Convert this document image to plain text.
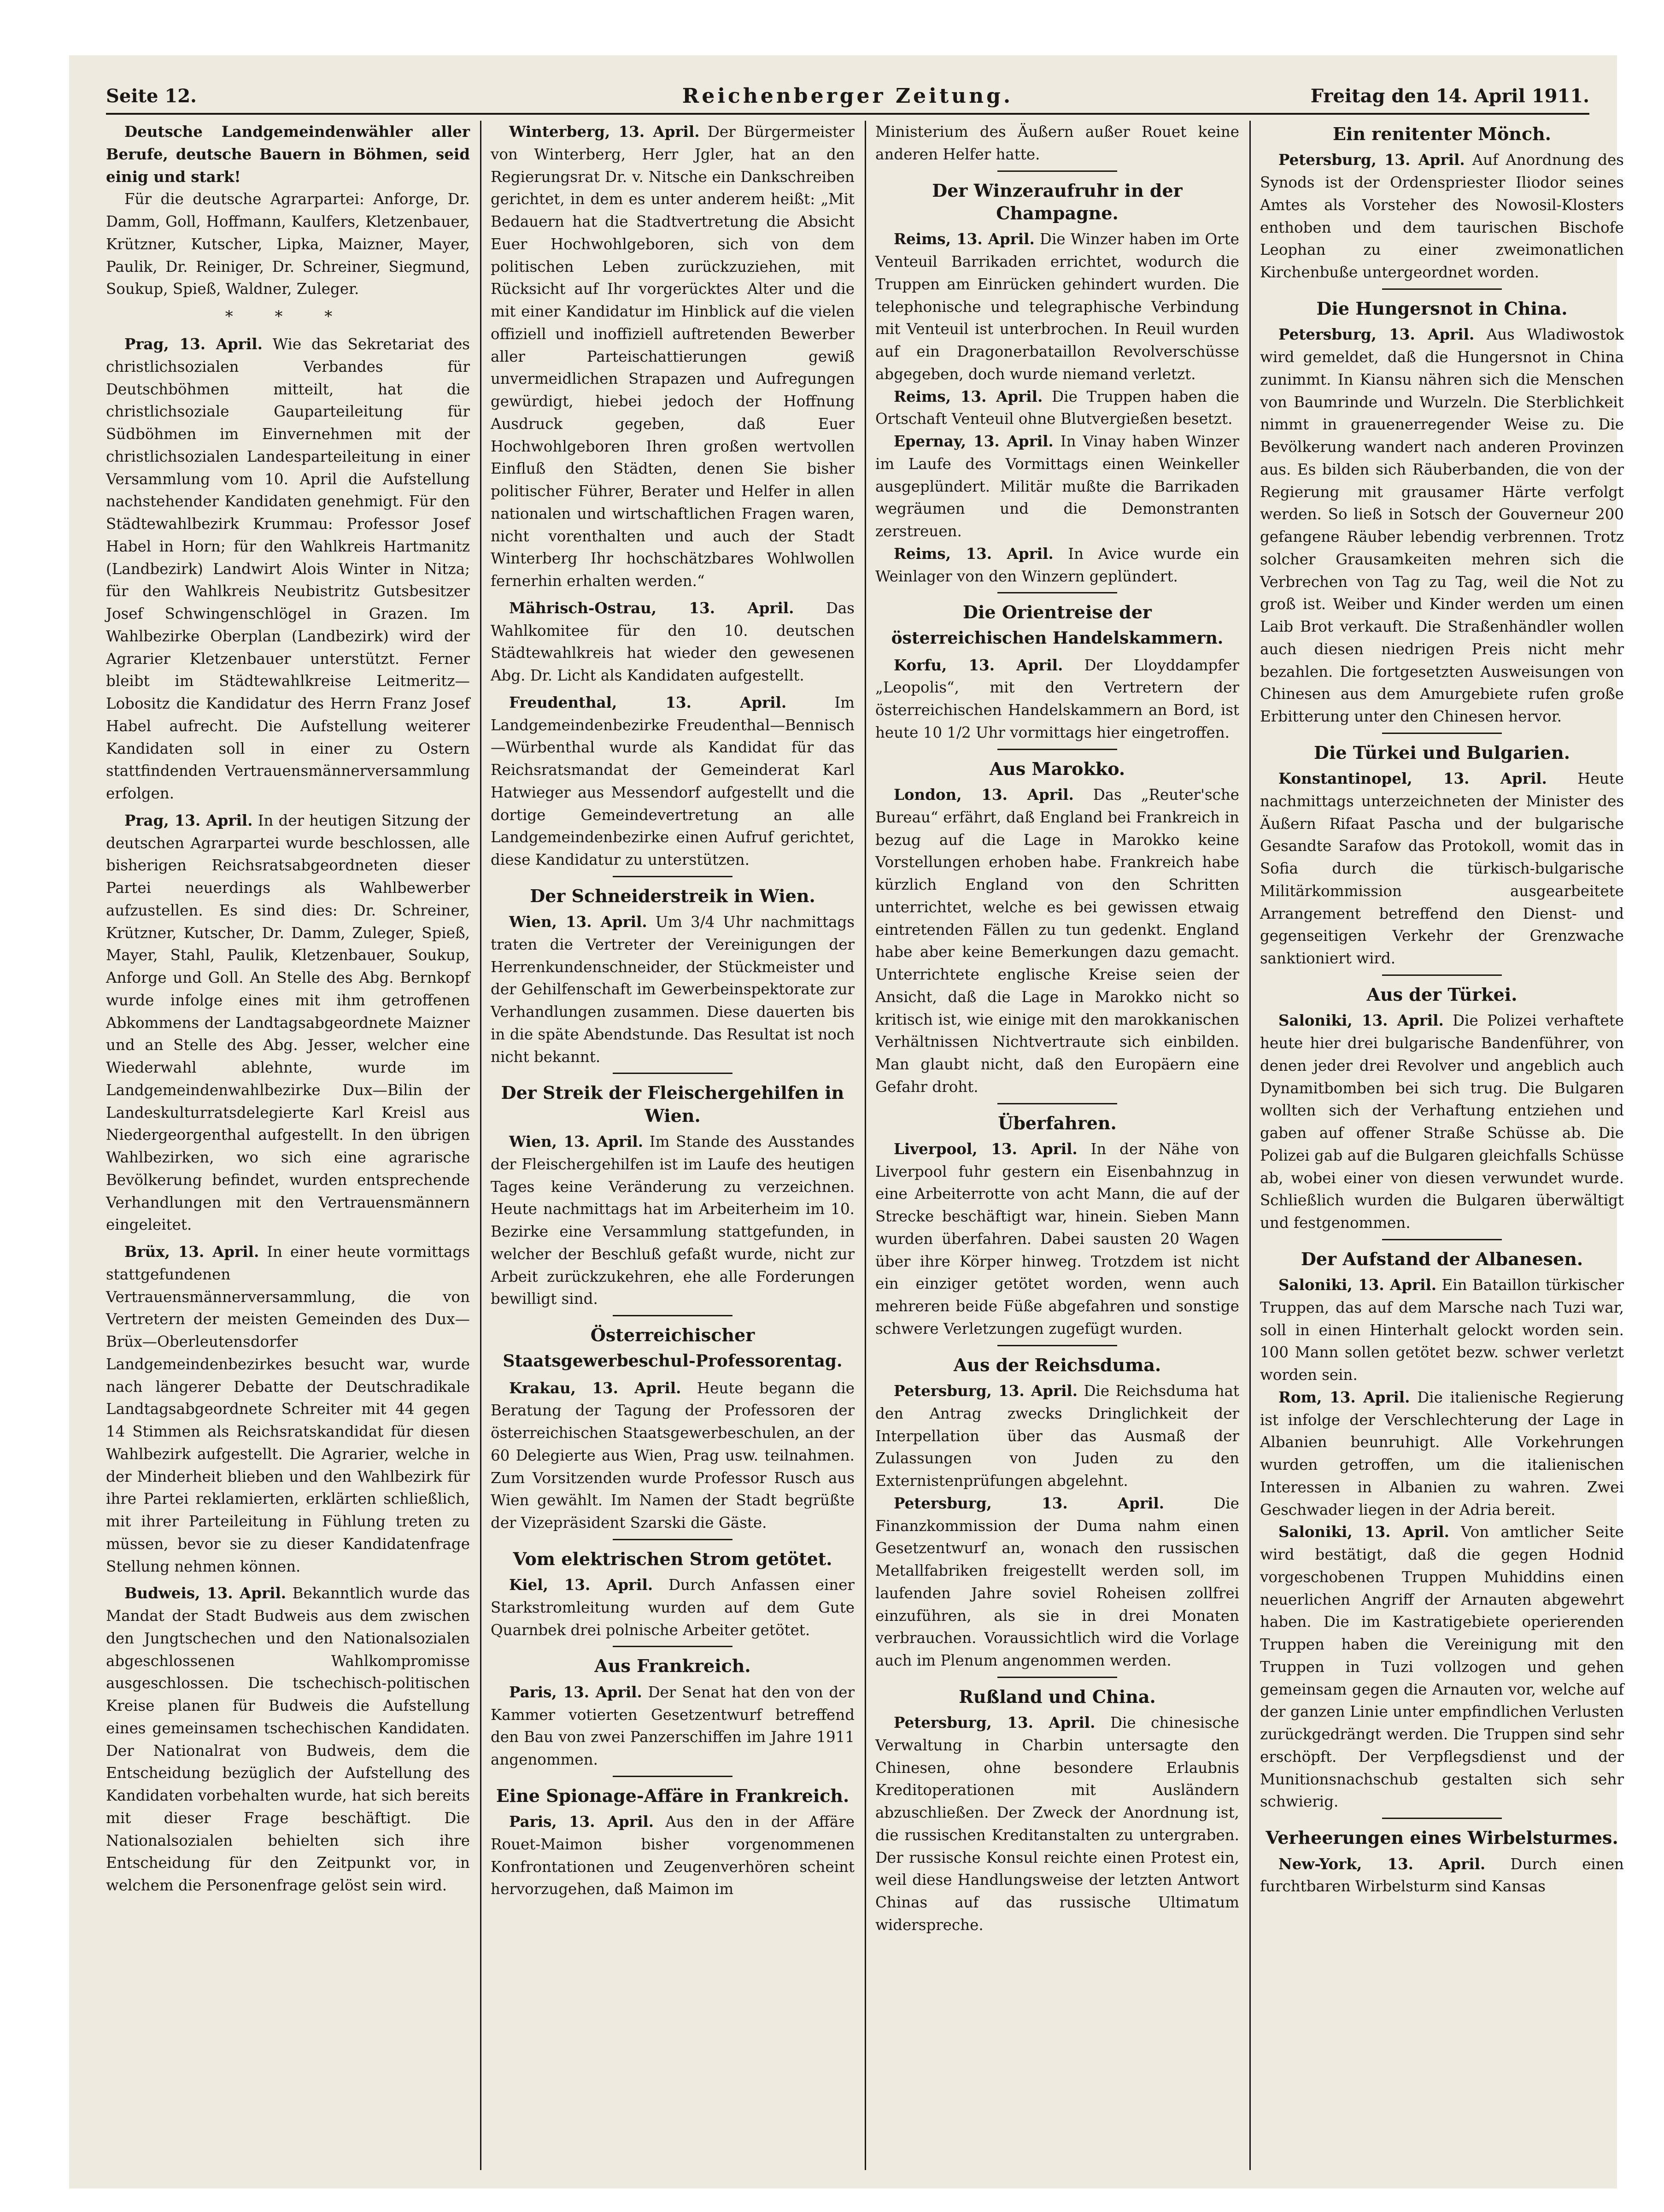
Seite 12.	Reichenberger Zeitung.	Freitag den 14. April 1911.

Deutsche Landgemeindenwähler aller Berufe, deutsche Bauern in Böhmen, seid einig und stark!

Für die deutsche Agrarpartei: Anforge, Dr. Damm, Goll, Hoffmann, Kaulfers, Kletzenbauer, Krützner, Kutscher, Lipka, Maizner, Mayer, Paulik, Dr. Reiniger, Dr. Schreiner, Siegmund, Soukup, Spieß, Waldner, Zuleger.

* * *

Prag, 13. April. Wie das Sekretariat des christlichsozialen Verbandes für Deutschböhmen mitteilt, hat die christlichsoziale Gauparteileitung für Südböhmen im Einvernehmen mit der christlichsozialen Landesparteileitung in einer Versammlung vom 10. April die Aufstellung nachstehender Kandidaten genehmigt. Für den Städtewahlbezirk Krummau: Professor Josef Habel in Horn; für den Wahlkreis Hartmanitz (Landbezirk) Landwirt Alois Winter in Nitza; für den Wahlkreis Neubistritz Gutsbesitzer Josef Schwingenschlögel in Grazen. Im Wahlbezirke Oberplan (Landbezirk) wird der Agrarier Kletzenbauer unterstützt. Ferner bleibt im Städtewahlkreise Leitmeritz—Lobositz die Kandidatur des Herrn Franz Josef Habel aufrecht. Die Aufstellung weiterer Kandidaten soll in einer zu Ostern stattfindenden Vertrauensmännerversammlung erfolgen.

Prag, 13. April. In der heutigen Sitzung der deutschen Agrarpartei wurde beschlossen, alle bisherigen Reichsratsabgeordneten dieser Partei neuerdings als Wahlbewerber aufzustellen. Es sind dies: Dr. Schreiner, Krützner, Kutscher, Dr. Damm, Zuleger, Spieß, Mayer, Stahl, Paulik, Kletzenbauer, Soukup, Anforge und Goll. An Stelle des Abg. Bernkopf wurde infolge eines mit ihm getroffenen Abkommens der Landtagsabgeordnete Maizner und an Stelle des Abg. Jesser, welcher eine Wiederwahl ablehnte, wurde im Landgemeindenwahlbezirke Dux—Bilin der Landeskulturratsdelegierte Karl Kreisl aus Niedergeorgenthal aufgestellt. In den übrigen Wahlbezirken, wo sich eine agrarische Bevölkerung befindet, wurden entsprechende Verhandlungen mit den Vertrauensmännern eingeleitet.

Brüx, 13. April. In einer heute vormittags stattgefundenen Vertrauensmännerversammlung, die von Vertretern der meisten Gemeinden des Dux—Brüx—Oberleutensdorfer Landgemeindenbezirkes besucht war, wurde nach längerer Debatte der Deutschradikale Landtagsabgeordnete Schreiter mit 44 gegen 14 Stimmen als Reichsratskandidat für diesen Wahlbezirk aufgestellt. Die Agrarier, welche in der Minderheit blieben und den Wahlbezirk für ihre Partei reklamierten, erklärten schließlich, mit ihrer Parteileitung in Fühlung treten zu müssen, bevor sie zu dieser Kandidatenfrage Stellung nehmen können.

Budweis, 13. April. Bekanntlich wurde das Mandat der Stadt Budweis aus dem zwischen den Jungtschechen und den Nationalsozialen abgeschlossenen Wahlkompromisse ausgeschlossen. Die tschechisch-politischen Kreise planen für Budweis die Aufstellung eines gemeinsamen tschechischen Kandidaten. Der Nationalrat von Budweis, dem die Entscheidung bezüglich der Aufstellung des Kandidaten vorbehalten wurde, hat sich bereits mit dieser Frage beschäftigt. Die Nationalsozialen behielten sich ihre Entscheidung für den Zeitpunkt vor, in welchem die Personenfrage gelöst sein wird.

Winterberg, 13. April. Der Bürgermeister von Winterberg, Herr Jgler, hat an den Regierungsrat Dr. v. Nitsche ein Dankschreiben gerichtet, in dem es unter anderem heißt: „Mit Bedauern hat die Stadtvertretung die Absicht Euer Hochwohlgeboren, sich von dem politischen Leben zurückzuziehen, mit Rücksicht auf Ihr vorgerücktes Alter und die mit einer Kandidatur im Hinblick auf die vielen offiziell und inoffiziell auftretenden Bewerber aller Parteischattierungen gewiß unvermeidlichen Strapazen und Aufregungen gewürdigt, hiebei jedoch der Hoffnung Ausdruck gegeben, daß Euer Hochwohlgeboren Ihren großen wertvollen Einfluß den Städten, denen Sie bisher politischer Führer, Berater und Helfer in allen nationalen und wirtschaftlichen Fragen waren, nicht vorenthalten und auch der Stadt Winterberg Ihr hochschätzbares Wohlwollen fernerhin erhalten werden.“

Mährisch-Ostrau, 13. April. Das Wahlkomitee für den 10. deutschen Städtewahlkreis hat wieder den gewesenen Abg. Dr. Licht als Kandidaten aufgestellt.

Freudenthal, 13. April.	Im Landgemeindenbezirke Freudenthal—Bennisch—Würbenthal wurde als Kandidat für das Reichsratsmandat der Gemeinderat Karl Hatwieger aus Messendorf aufgestellt und die dortige Gemeindevertretung an alle Landgemeindenbezirke einen Aufruf gerichtet, diese Kandidatur zu unterstützen.

Der Schneiderstreik in Wien.

Wien, 13. April. Um 3/4 Uhr nachmittags traten die Vertreter der Vereinigungen der Herrenkundenschneider, der Stückmeister und der Gehilfenschaft im Gewerbeinspektorate zur Verhandlungen zusammen. Diese dauerten bis in die späte Abendstunde. Das Resultat ist noch nicht bekannt.

Der Streik der Fleischergehilfen in Wien.

Wien, 13. April. Im Stande des Ausstandes der Fleischergehilfen ist im Laufe des heutigen Tages keine Veränderung zu verzeichnen. Heute nachmittags hat im Arbeiterheim im 10. Bezirke eine Versammlung stattgefunden, in welcher der Beschluß gefaßt wurde, nicht zur Arbeit zurückzukehren, ehe alle Forderungen bewilligt sind.

Österreichischer
Staatsgewerbeschul-Professorentag.

Krakau, 13. April. Heute begann die Beratung der Tagung der Professoren der österreichischen Staatsgewerbeschulen, an der 60 Delegierte aus Wien, Prag usw. teilnahmen. Zum Vorsitzenden wurde Professor Rusch aus Wien gewählt. Im Namen der Stadt begrüßte der Vizepräsident Szarski die Gäste.

Vom elektrischen Strom getötet.

Kiel, 13. April. Durch Anfassen einer Starkstromleitung wurden auf dem Gute Quarnbek drei polnische Arbeiter getötet.

Aus Frankreich.

Paris, 13. April. Der Senat hat den von der Kammer votierten Gesetzentwurf betreffend den Bau von zwei Panzerschiffen im Jahre 1911 angenommen.

Eine Spionage-Affäre in Frankreich.

Paris, 13. April. Aus den in der Affäre Rouet-Maimon bisher vorgenommenen Konfrontationen und Zeugenverhören scheint hervorzugehen, daß Maimon im

Ministerium des Äußern außer Rouet keine anderen Helfer hatte.

Der Winzeraufruhr in der Champagne.

Reims, 13. April. Die Winzer haben im Orte Venteuil Barrikaden errichtet, wodurch die Truppen am Einrücken gehindert wurden. Die telephonische und telegraphische Verbindung mit Venteuil ist unterbrochen. In Reuil wurden auf ein Dragonerbataillon Revolverschüsse abgegeben, doch wurde niemand verletzt.

Reims, 13. April. Die Truppen haben die Ortschaft Venteuil ohne Blutvergießen besetzt.

Epernay, 13. April. In Vinay haben Winzer im Laufe des Vormittags einen Weinkeller ausgeplündert. Militär mußte die Barrikaden wegräumen und die Demonstranten zerstreuen.

Reims, 13. April. In Avice wurde ein Weinlager von den Winzern geplündert.

Die Orientreise der
österreichischen Handelskammern.

Korfu, 13. April. Der Lloyddampfer „Leopolis“, mit den Vertretern der österreichischen Handelskammern an Bord, ist heute 10 1/2 Uhr vormittags hier eingetroffen.

Aus Marokko.

London, 13. April. Das „Reuter'sche Bureau“ erfährt, daß England bei Frankreich in bezug auf die Lage in Marokko keine Vorstellungen erhoben habe. Frankreich habe kürzlich England von den Schritten unterrichtet, welche es bei gewissen etwaig eintretenden Fällen zu tun gedenkt. England habe aber keine Bemerkungen dazu gemacht. Unterrichtete englische Kreise seien der Ansicht, daß die Lage in Marokko nicht so kritisch ist, wie einige mit den marokkanischen Verhältnissen Nichtvertraute sich einbilden. Man glaubt nicht, daß den Europäern eine Gefahr droht.

Überfahren.

Liverpool, 13. April. In der Nähe von Liverpool fuhr gestern ein Eisenbahnzug in eine Arbeiterrotte von acht Mann, die auf der Strecke beschäftigt war, hinein. Sieben Mann wurden überfahren. Dabei sausten 20 Wagen über ihre Körper hinweg. Trotzdem ist nicht ein einziger getötet worden, wenn auch mehreren beide Füße abgefahren und sonstige schwere Verletzungen zugefügt wurden.

Aus der Reichsduma.

Petersburg, 13. April. Die Reichsduma hat den Antrag zwecks Dringlichkeit der Interpellation über das Ausmaß der Zulassungen von Juden zu den Externistenprüfungen abgelehnt.

Petersburg, 13. April.	Die Finanzkommission der Duma nahm einen Gesetzentwurf an, wonach den russischen Metallfabriken freigestellt werden soll, im laufenden Jahre soviel Roheisen zollfrei einzuführen, als sie in drei Monaten verbrauchen. Voraussichtlich wird die Vorlage auch im Plenum angenommen werden.

Rußland und China.

Petersburg, 13. April. Die chinesische Verwaltung in Charbin untersagte den Chinesen, ohne besondere Erlaubnis Kreditoperationen mit Ausländern abzuschließen. Der Zweck der Anordnung ist, die russischen Kreditanstalten zu untergraben. Der russische Konsul reichte einen Protest ein, weil diese Handlungsweise der letzten Antwort Chinas auf das russische Ultimatum widerspreche.

Ein renitenter Mönch.

Petersburg, 13. April. Auf Anordnung des Synods ist der Ordenspriester Iliodor seines Amtes als Vorsteher des Nowosil-Klosters enthoben und dem taurischen Bischofe Leophan zu einer zweimonatlichen Kirchenbuße untergeordnet worden.

Die Hungersnot in China.

Petersburg, 13. April. Aus Wladiwostok wird gemeldet, daß die Hungersnot in China zunimmt. In Kiansu nähren sich die Menschen von Baumrinde und Wurzeln. Die Sterblichkeit nimmt in grauenerregender Weise zu. Die Bevölkerung wandert nach anderen Provinzen aus. Es bilden sich Räuberbanden, die von der Regierung mit grausamer Härte verfolgt werden. So ließ in Sotsch der Gouverneur 200 gefangene Räuber lebendig verbrennen. Trotz solcher Grausamkeiten mehren sich die Verbrechen von Tag zu Tag, weil die Not zu groß ist. Weiber und Kinder werden um einen Laib Brot verkauft. Die Straßenhändler wollen auch diesen niedrigen Preis nicht mehr bezahlen. Die fortgesetzten Ausweisungen von Chinesen aus dem Amurgebiete rufen große Erbitterung unter den Chinesen hervor.

Die Türkei und Bulgarien.

Konstantinopel, 13. April. Heute nachmittags unterzeichneten der Minister des Äußern Rifaat Pascha und der bulgarische Gesandte Sarafow das Protokoll, womit das in Sofia durch die türkisch-bulgarische Militärkommission ausgearbeitete Arrangement betreffend den Dienst- und gegenseitigen Verkehr der Grenzwache sanktioniert wird.

Aus der Türkei.

Saloniki, 13. April. Die Polizei verhaftete heute hier drei bulgarische Bandenführer, von denen jeder drei Revolver und angeblich auch Dynamitbomben bei sich trug. Die Bulgaren wollten sich der Verhaftung entziehen und gaben auf offener Straße Schüsse ab. Die Polizei gab auf die Bulgaren gleichfalls Schüsse ab, wobei einer von diesen verwundet wurde. Schließlich wurden die Bulgaren überwältigt und festgenommen.

Der Aufstand der Albanesen.

Saloniki, 13. April. Ein Bataillon türkischer Truppen, das auf dem Marsche nach Tuzi war, soll in einen Hinterhalt gelockt worden sein. 100 Mann sollen getötet bezw. schwer verletzt worden sein.

Rom, 13. April. Die italienische Regierung ist infolge der Verschlechterung der Lage in Albanien beunruhigt. Alle Vorkehrungen wurden getroffen, um die italienischen Interessen in Albanien zu wahren. Zwei Geschwader liegen in der Adria bereit.

Saloniki, 13. April. Von amtlicher Seite wird bestätigt, daß die gegen Hodnid vorgeschobenen Truppen Muhiddins einen neuerlichen Angriff der Arnauten abgewehrt haben. Die im Kastratigebiete operierenden Truppen haben die Vereinigung mit den Truppen in Tuzi vollzogen und gehen gemeinsam gegen die Arnauten vor, welche auf der ganzen Linie unter empfindlichen Verlusten zurückgedrängt werden. Die Truppen sind sehr erschöpft. Der Verpflegsdienst und der Munitionsnachschub gestalten sich sehr schwierig.

Verheerungen eines Wirbelsturmes.

New-York, 13. April. Durch einen furchtbaren Wirbelsturm sind Kansas
